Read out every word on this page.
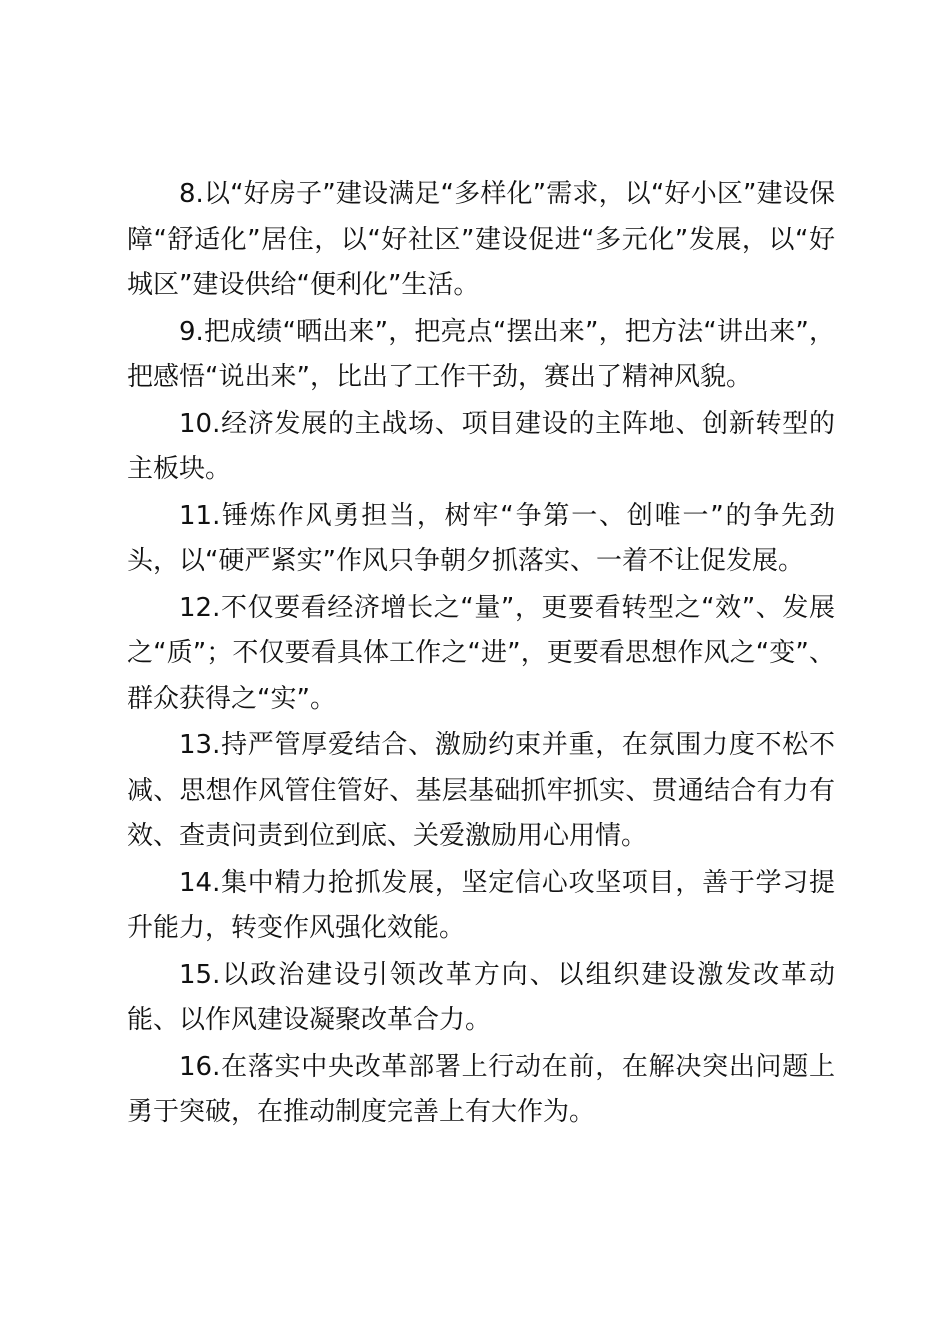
8.以“好房子”建设满足“多样化”需求，以“好小区”建设保障“舒适化”居住，以“好社区”建设促进“多元化”发展，以“好城区”建设供给“便利化”生活。

9.把成绩“晒出来”，把亮点“摆出来”，把方法“讲出来”，把感悟“说出来”，比出了工作干劲，赛出了精神风貌。

10.经济发展的主战场、项目建设的主阵地、创新转型的主板块。

11.锤炼作风勇担当，树牢“争第一、创唯一”的争先劲头，以“硬严紧实”作风只争朝夕抓落实、一着不让促发展。

12.不仅要看经济增长之“量”，更要看转型之“效”、发展之“质”；不仅要看具体工作之“进”，更要看思想作风之“变”、群众获得之“实”。

13.持严管厚爱结合、激励约束并重，在氛围力度不松不减、思想作风管住管好、基层基础抓牢抓实、贯通结合有力有效、查责问责到位到底、关爱激励用心用情。

14.集中精力抢抓发展，坚定信心攻坚项目，善于学习提升能力，转变作风强化效能。

15.以政治建设引领改革方向、以组织建设激发改革动能、以作风建设凝聚改革合力。

16.在落实中央改革部署上行动在前，在解决突出问题上勇于突破，在推动制度完善上有大作为。
